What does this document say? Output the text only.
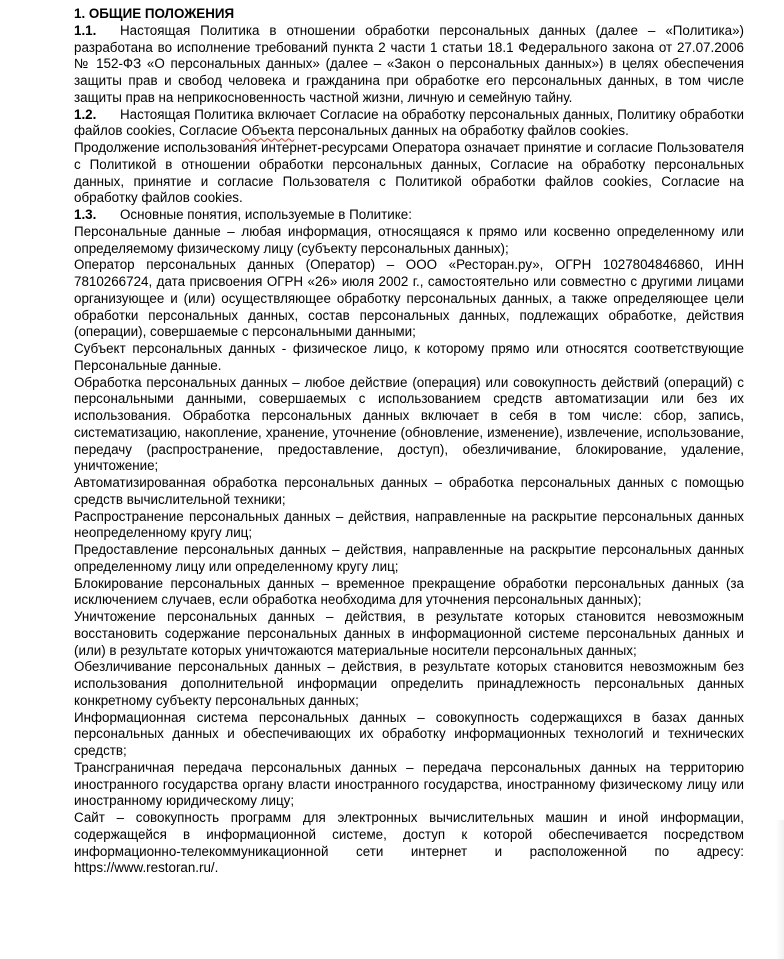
1. ОБЩИЕ ПОЛОЖЕНИЯ

1.1. Настоящая Политика в отношении обработки персональных данных (далее – «Политика») разработана во исполнение требований пункта 2 части 1 статьи 18.1 Федерального закона от 27.07.2006 № 152-ФЗ «О персональных данных» (далее – «Закон о персональных данных») в целях обеспечения защиты прав и свобод человека и гражданина при обработке его персональных данных, в том числе защиты прав на неприкосновенность частной жизни, личную и семейную тайну.

1.2. Настоящая Политика включает Согласие на обработку персональных данных, Политику обработки файлов cookies, Согласие Объекта персональных данных на обработку файлов cookies.

Продолжение использования интернет-ресурсами Оператора означает принятие и согласие Пользователя с Политикой в отношении обработки персональных данных, Согласие на обработку персональных данных, принятие и согласие Пользователя с Политикой обработки файлов cookies, Согласие на обработку файлов cookies.

1.3. Основные понятия, используемые в Политике:

Персональные данные – любая информация, относящаяся к прямо или косвенно определенному или определяемому физическому лицу (субъекту персональных данных);

Оператор персональных данных (Оператор) – ООО «Ресторан.ру», ОГРН 1027804846860, ИНН 7810266724, дата присвоения ОГРН «26» июля 2002 г., самостоятельно или совместно с другими лицами организующее и (или) осуществляющее обработку персональных данных, а также определяющее цели обработки персональных данных, состав персональных данных, подлежащих обработке, действия (операции), совершаемые с персональными данными;

Субъект персональных данных - физическое лицо, к которому прямо или относятся соответствующие Персональные данные.

Обработка персональных данных – любое действие (операция) или совокупность действий (операций) с персональными данными, совершаемых с использованием средств автоматизации или без их использования. Обработка персональных данных включает в себя в том числе: сбор, запись, систематизацию, накопление, хранение, уточнение (обновление, изменение), извлечение, использование, передачу (распространение, предоставление, доступ), обезличивание, блокирование, удаление, уничтожение;

Автоматизированная обработка персональных данных – обработка персональных данных с помощью средств вычислительной техники;

Распространение персональных данных – действия, направленные на раскрытие персональных данных неопределенному кругу лиц;

Предоставление персональных данных – действия, направленные на раскрытие персональных данных определенному лицу или определенному кругу лиц;

Блокирование персональных данных – временное прекращение обработки персональных данных (за исключением случаев, если обработка необходима для уточнения персональных данных);

Уничтожение персональных данных – действия, в результате которых становится невозможным восстановить содержание персональных данных в информационной системе персональных данных и (или) в результате которых уничтожаются материальные носители персональных данных;

Обезличивание персональных данных – действия, в результате которых становится невозможным без использования дополнительной информации определить принадлежность персональных данных конкретному субъекту персональных данных;

Информационная система персональных данных – совокупность содержащихся в базах данных персональных данных и обеспечивающих их обработку информационных технологий и технических средств;

Трансграничная передача персональных данных – передача персональных данных на территорию иностранного государства органу власти иностранного государства, иностранному физическому лицу или иностранному юридическому лицу;

Сайт – совокупность программ для электронных вычислительных машин и иной информации, содержащейся в информационной системе, доступ к которой обеспечивается посредством информационно-телекоммуникационной сети интернет и расположенной по адресу: https://www.restoran.ru/.
